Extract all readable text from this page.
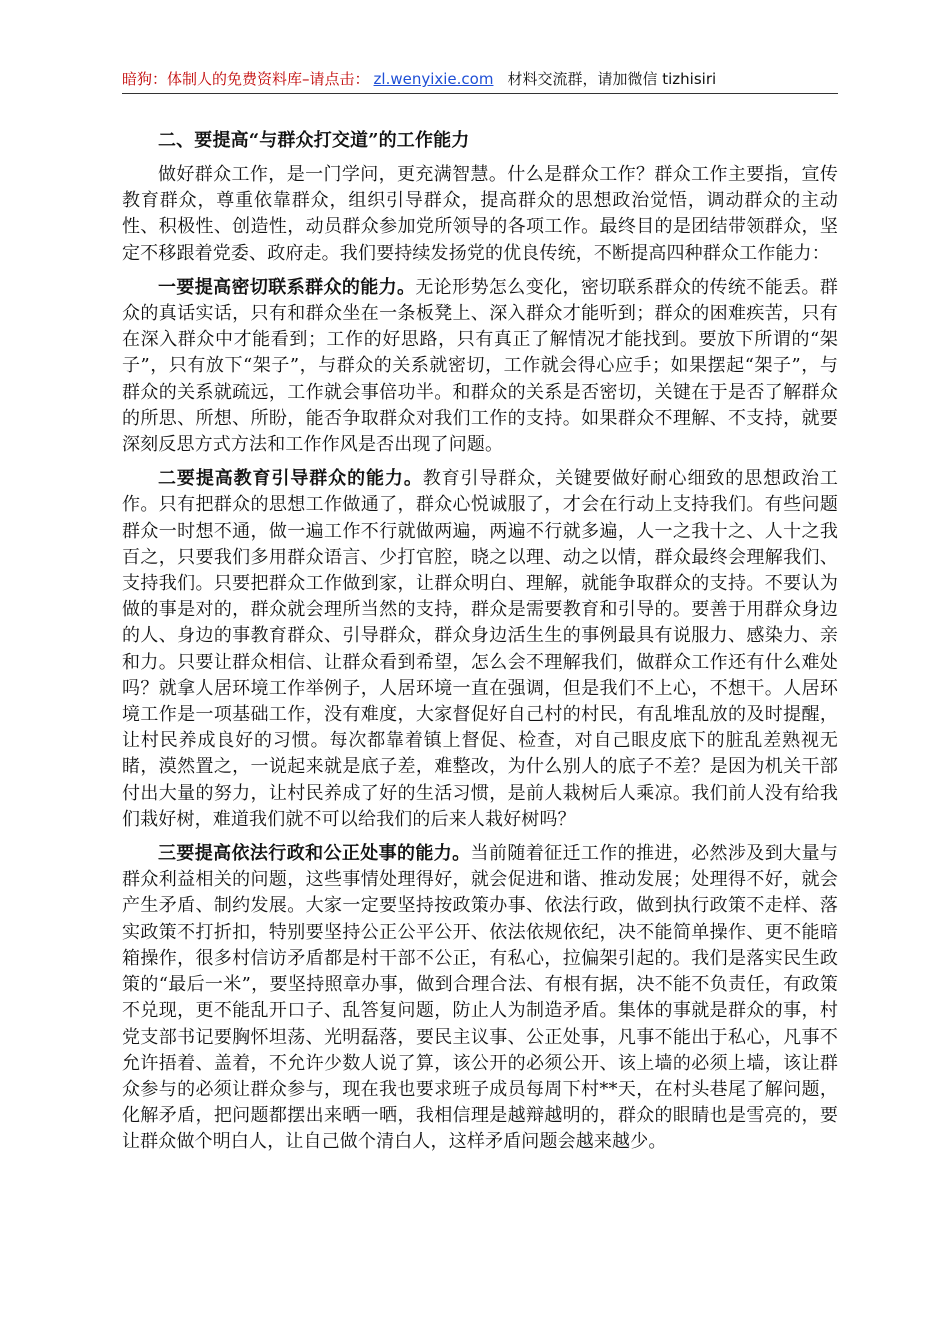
暗狗：体制人的免费资料库–请点击： zl.wenyixie.com 材料交流群，请加微信 tizhisiri
二、要提高“与群众打交道”的工作能力

做好群众工作，是一门学问，更充满智慧。什么是群众工作？群众工作主要指，宣传教育群众，尊重依靠群众，组织引导群众，提高群众的思想政治觉悟，调动群众的主动性、积极性、创造性，动员群众参加党所领导的各项工作。最终目的是团结带领群众，坚定不移跟着党委、政府走。我们要持续发扬党的优良传统，不断提高四种群众工作能力：

一要提高密切联系群众的能力。无论形势怎么变化，密切联系群众的传统不能丢。群众的真话实话，只有和群众坐在一条板凳上、深入群众才能听到；群众的困难疾苦，只有在深入群众中才能看到；工作的好思路，只有真正了解情况才能找到。要放下所谓的“架子”，只有放下“架子”，与群众的关系就密切，工作就会得心应手；如果摆起“架子”，与群众的关系就疏远，工作就会事倍功半。和群众的关系是否密切，关键在于是否了解群众的所思、所想、所盼，能否争取群众对我们工作的支持。如果群众不理解、不支持，就要深刻反思方式方法和工作作风是否出现了问题。

二要提高教育引导群众的能力。教育引导群众，关键要做好耐心细致的思想政治工作。只有把群众的思想工作做通了，群众心悦诚服了，才会在行动上支持我们。有些问题群众一时想不通，做一遍工作不行就做两遍，两遍不行就多遍，人一之我十之、人十之我百之，只要我们多用群众语言、少打官腔，晓之以理、动之以情，群众最终会理解我们、支持我们。只要把群众工作做到家，让群众明白、理解，就能争取群众的支持。不要认为做的事是对的，群众就会理所当然的支持，群众是需要教育和引导的。要善于用群众身边的人、身边的事教育群众、引导群众，群众身边活生生的事例最具有说服力、感染力、亲和力。只要让群众相信、让群众看到希望，怎么会不理解我们，做群众工作还有什么难处吗？就拿人居环境工作举例子，人居环境一直在强调，但是我们不上心，不想干。人居环境工作是一项基础工作，没有难度，大家督促好自己村的村民，有乱堆乱放的及时提醒，让村民养成良好的习惯。每次都靠着镇上督促、检查，对自己眼皮底下的脏乱差熟视无睹，漠然置之，一说起来就是底子差，难整改，为什么别人的底子不差？是因为机关干部付出大量的努力，让村民养成了好的生活习惯，是前人栽树后人乘凉。我们前人没有给我们栽好树，难道我们就不可以给我们的后来人栽好树吗？

三要提高依法行政和公正处事的能力。当前随着征迁工作的推进，必然涉及到大量与群众利益相关的问题，这些事情处理得好，就会促进和谐、推动发展；处理得不好，就会产生矛盾、制约发展。大家一定要坚持按政策办事、依法行政，做到执行政策不走样、落实政策不打折扣，特别要坚持公正公平公开、依法依规依纪，决不能简单操作、更不能暗箱操作，很多村信访矛盾都是村干部不公正，有私心，拉偏架引起的。我们是落实民生政策的“最后一米”，要坚持照章办事，做到合理合法、有根有据，决不能不负责任，有政策不兑现，更不能乱开口子、乱答复问题，防止人为制造矛盾。集体的事就是群众的事，村党支部书记要胸怀坦荡、光明磊落，要民主议事、公正处事，凡事不能出于私心，凡事不允许捂着、盖着，不允许少数人说了算，该公开的必须公开、该上墙的必须上墙，该让群众参与的必须让群众参与，现在我也要求班子成员每周下村**天，在村头巷尾了解问题，化解矛盾，把问题都摆出来晒一晒，我相信理是越辩越明的，群众的眼睛也是雪亮的，要让群众做个明白人，让自己做个清白人，这样矛盾问题会越来越少。
